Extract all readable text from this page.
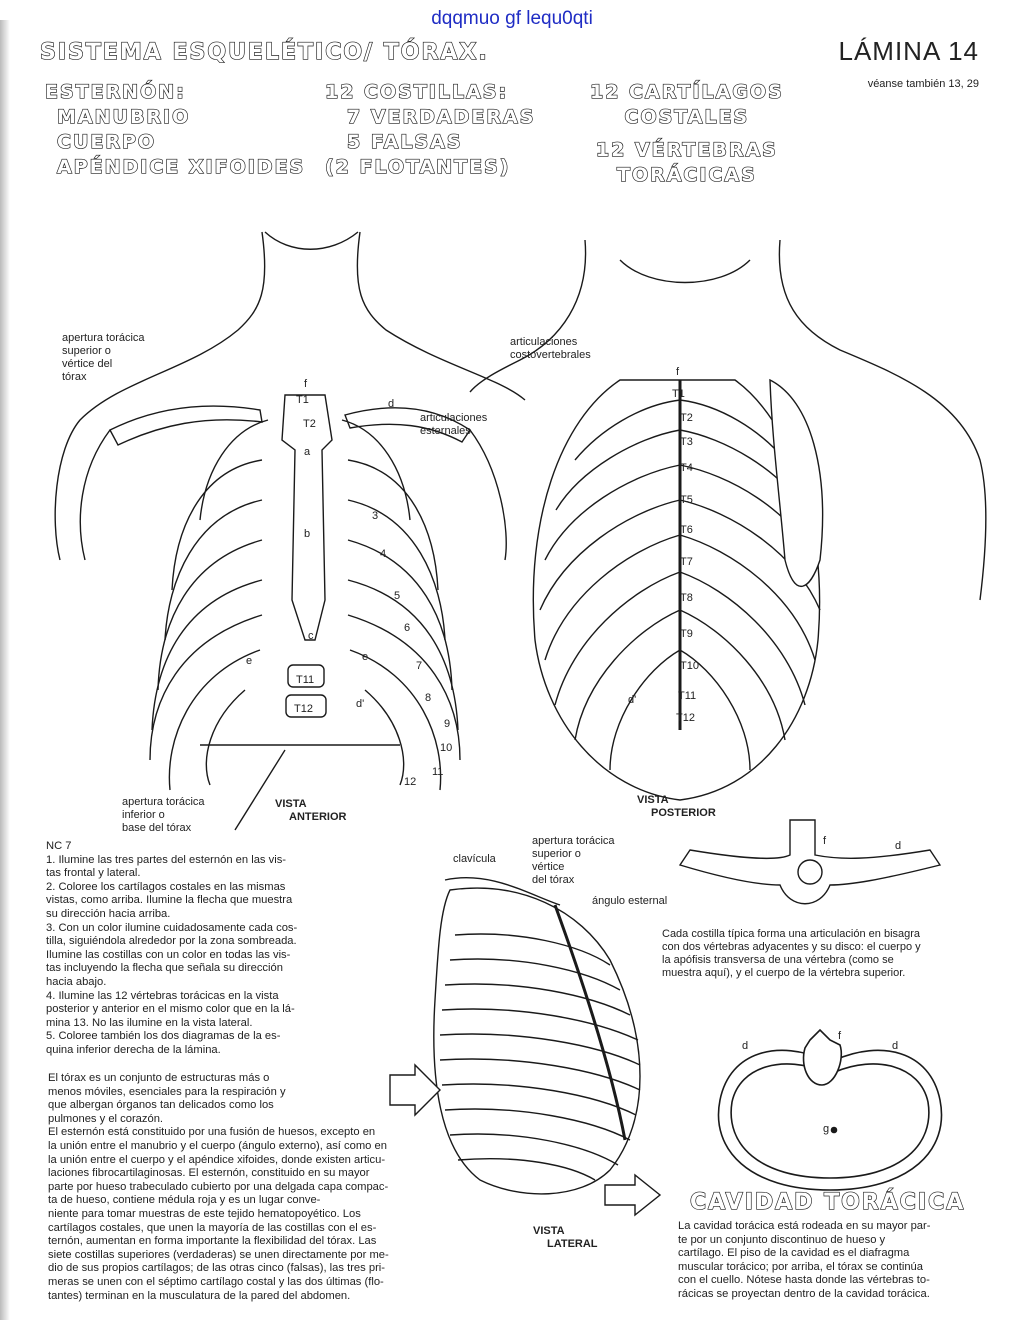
dqqmuo gf lequ0qti
SISTEMA ESQUELÉTICO/ TÓRAX.	LÁMINA 14
véanse también 13, 29
ESTERNÓN:
MANUBRIO
CUERPO
APÉNDICE XIFOIDES
12 COSTILLAS:
7 VERDADERAS
5 FALSAS
(2 FLOTANTES)
12 CARTÍLAGOS
COSTALES
12 VÉRTEBRAS
TORÁCICAS
apertura torácica
superior o
vértice del
tórax
articulaciones
costovertebrales
articulaciones
esternales
apertura torácica
inferior o
base del tórax
VISTA
ANTERIOR
VISTA
POSTERIOR
VISTA
LATERAL
clavícula
apertura torácica
superior o
vértice
del tórax
ángulo esternal
a
b
c
d
e	e
f
d'
T11
T12
T1
T2
T1
T2
T3
T4
T5
T6
T7
T8
T9
T10
T11
T12
f
d'
3
4
5
6
7
8
9
10
11
12
f	d
Cada costilla típica forma una articulación en bisagra
con dos vértebras adyacentes y su disco: el cuerpo y
la apófisis transversa de una vértebra (como se
muestra aquí), y el cuerpo de la vértebra superior.
d	d
f
g
NC 7
1. Ilumine las tres partes del esternón en las vis-
tas frontal y lateral.
2. Coloree los cartílagos costales en las mismas
vistas, como arriba. Ilumine la flecha que muestra
su dirección hacia arriba.
3. Con un color ilumine cuidadosamente cada cos-
tilla, siguiéndola alrededor por la zona sombreada.
Ilumine las costillas con un color en todas las vis-
tas incluyendo la flecha que señala su dirección
hacia abajo.
4. Ilumine las 12 vértebras torácicas en la vista
posterior y anterior en el mismo color que en la lá-
mina 13. No las ilumine en la vista lateral.
5. Coloree también los dos diagramas de la es-
quina inferior derecha de la lámina.
El tórax es un conjunto de estructuras más o
menos móviles, esenciales para la respiración y
que albergan órganos tan delicados como los
pulmones y el corazón.
El esternón está constituido por una fusión de huesos, excepto en
la unión entre el manubrio y el cuerpo (ángulo externo), así como en
la unión entre el cuerpo y el apéndice xifoides, donde existen articu-
laciones fibrocartilaginosas. El esternón, constituido en su mayor
parte por hueso trabeculado cubierto por una delgada capa compac-
ta de hueso, contiene médula roja y es un lugar conve-
niente para tomar muestras de este tejido hematopoyético. Los
cartílagos costales, que unen la mayoría de las costillas con el es-
ternón, aumentan en forma importante la flexibilidad del tórax. Las
siete costillas superiores (verdaderas) se unen directamente por me-
dio de sus propios cartílagos; de las otras cinco (falsas), las tres pri-
meras se unen con el séptimo cartílago costal y las dos últimas (flo-
tantes) terminan en la musculatura de la pared del abdomen.
CAVIDAD TORÁCICA
La cavidad torácica está rodeada en su mayor par-
te por un conjunto discontinuo de hueso y
cartílago. El piso de la cavidad es el diafragma
muscular torácico; por arriba, el tórax se continúa
con el cuello. Nótese hasta donde las vértebras to-
rácicas se proyectan dentro de la cavidad torácica.
